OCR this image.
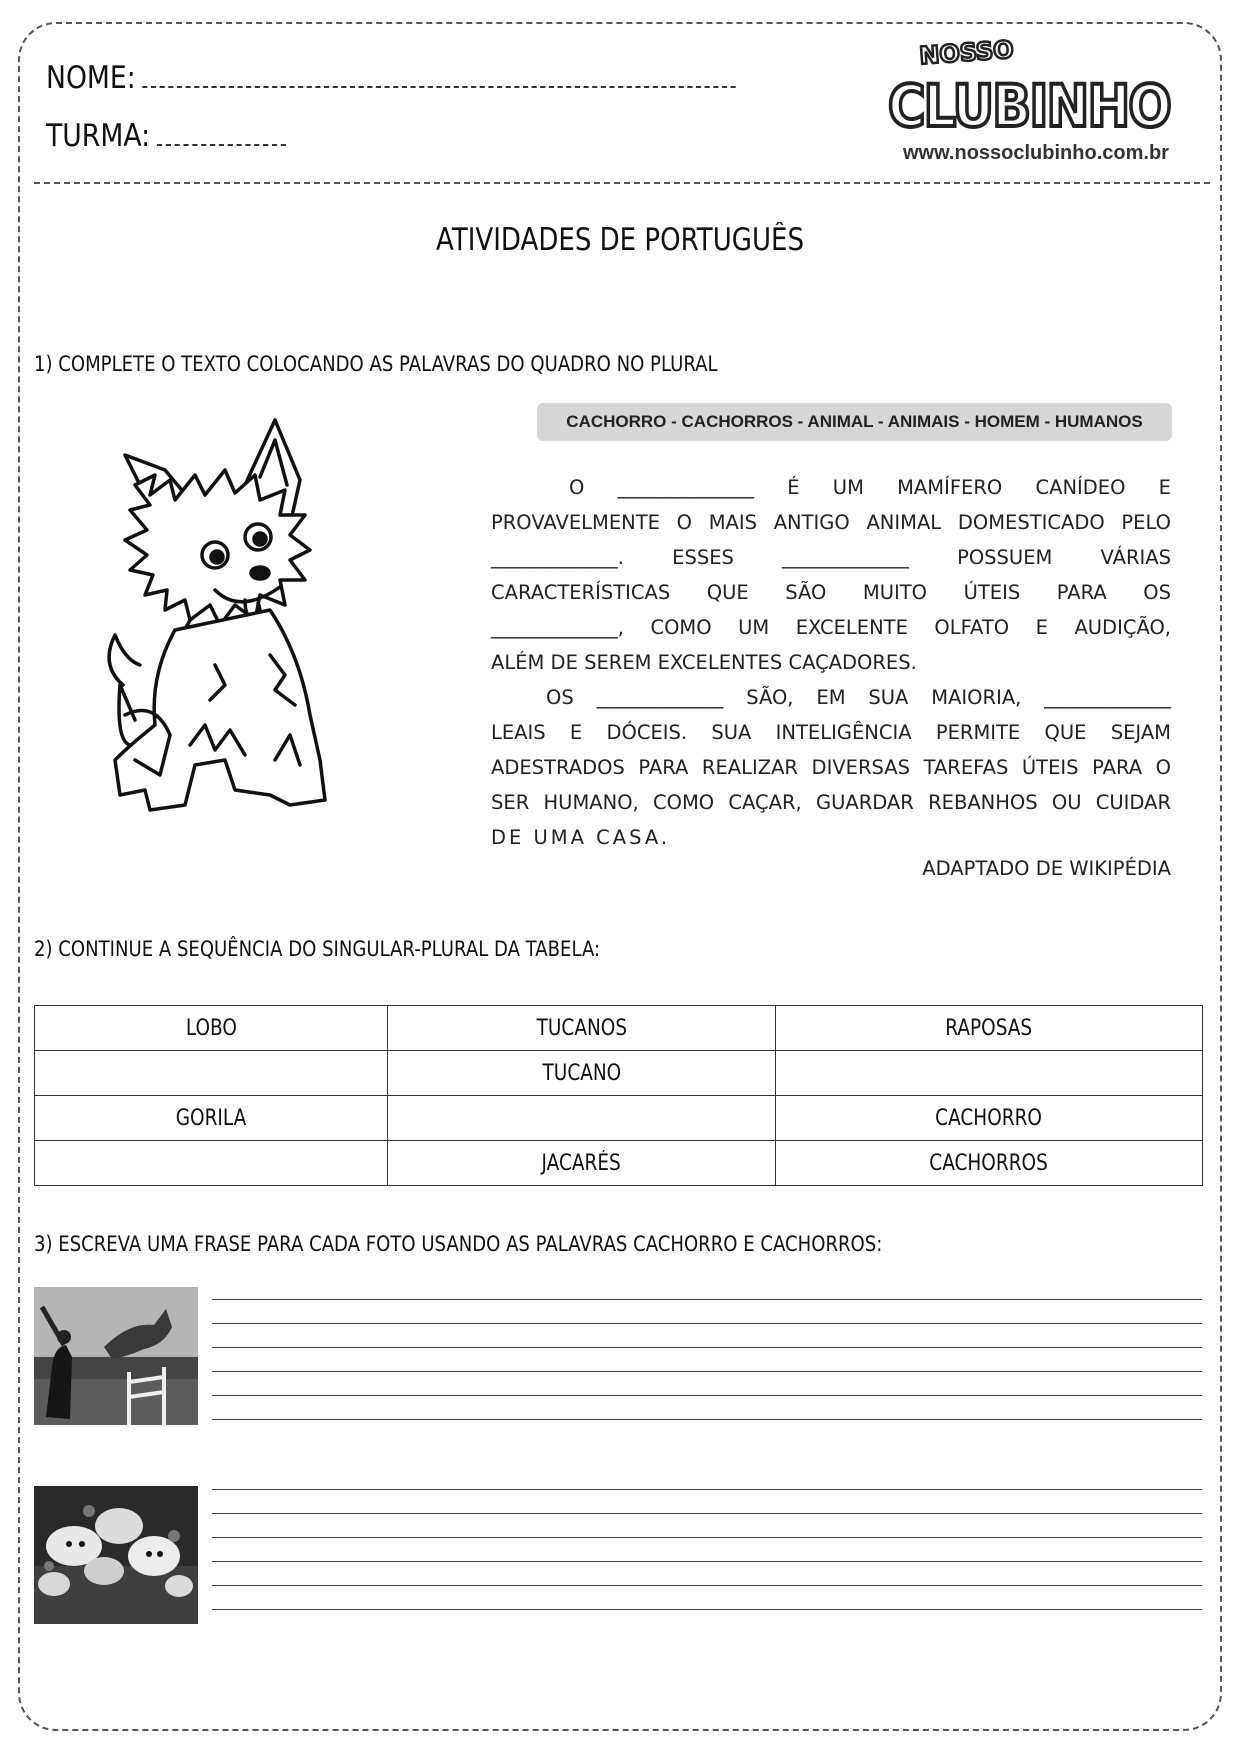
NOME:
TURMA:
NOSSO
CLUBINHO
www.nossoclubinho.com.br
ATIVIDADES DE PORTUGUÊS
1) COMPLETE O TEXTO COLOCANDO AS PALAVRAS DO QUADRO NO PLURAL
CACHORRO - CACHORROS - ANIMAL - ANIMAIS - HOMEM - HUMANOS

O ______________ É UM MAMÍFERO CANÍDEO E

PROVAVELMENTE O MAIS ANTIGO ANIMAL DOMESTICADO PELO

_____________. ESSES _____________ POSSUEM VÁRIAS

CARACTERÍSTICAS QUE SÃO MUITO ÚTEIS PARA OS

_____________, COMO UM EXCELENTE OLFATO E AUDIÇÃO,

ALÉM DE SEREM EXCELENTES CAÇADORES.

OS _____________ SÃO, EM SUA MAIORIA, _____________

LEAIS E DÓCEIS. SUA INTELIGÊNCIA PERMITE QUE SEJAM

ADESTRADOS PARA REALIZAR DIVERSAS TAREFAS ÚTEIS PARA O

SER HUMANO, COMO CAÇAR, GUARDAR REBANHOS OU CUIDAR

DE UMA CASA.

ADAPTADO DE WIKIPÉDIA
2) CONTINUE A SEQUÊNCIA DO SINGULAR-PLURAL DA TABELA:
LOBO	TUCANOS	RAPOSAS
	TUCANO	
GORILA		CACHORRO
	JACARÉS	CACHORROS
3) ESCREVA UMA FRASE PARA CADA FOTO USANDO AS PALAVRAS CACHORRO E CACHORROS:
